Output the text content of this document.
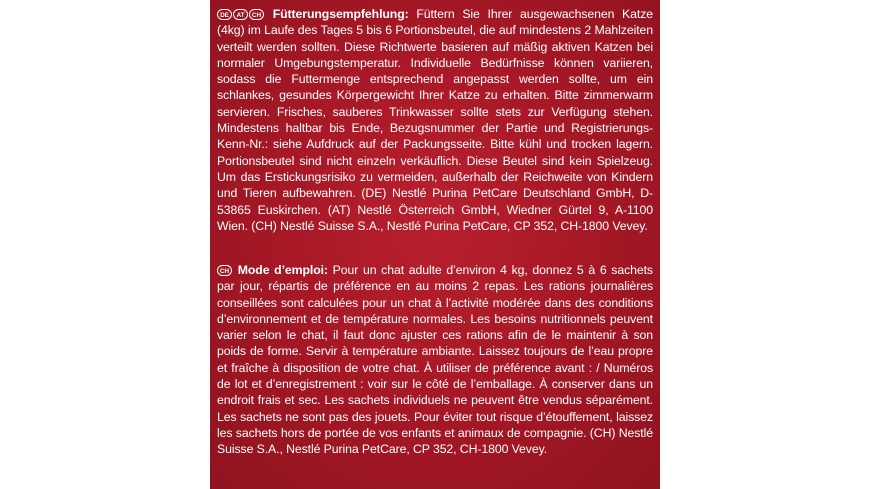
DE AT CH Fütterungsempfehlung: Füttern Sie Ihrer ausgewachsenen Katze (4kg) im Laufe des Tages 5 bis 6 Portionsbeutel, die auf mindestens 2 Mahlzeiten verteilt werden sollten. Diese Richtwerte basieren auf mäßig aktiven Katzen bei normaler Umgebungstemperatur. Individuelle Bedürfnisse können variieren, sodass die Futtermenge entsprechend angepasst werden sollte, um ein schlankes, gesundes Körpergewicht Ihrer Katze zu erhalten. Bitte zimmerwarm servieren. Frisches, sauberes Trinkwasser sollte stets zur Verfügung stehen. Mindestens haltbar bis Ende, Bezugsnummer der Partie und Registrierungs-Kenn-Nr.: siehe Aufdruck auf der Packungsseite. Bitte kühl und trocken lagern. Portionsbeutel sind nicht einzeln verkäuflich. Diese Beutel sind kein Spielzeug. Um das Erstickungsrisiko zu vermeiden, außerhalb der Reichweite von Kindern und Tieren aufbewahren. (DE) Nestlé Purina PetCare Deutschland GmbH, D-53865 Euskirchen. (AT) Nestlé Österreich GmbH, Wiedner Gürtel 9, A-1100 Wien. (CH) Nestlé Suisse S.A., Nestlé Purina PetCare, CP 352, CH-1800 Vevey.
CH Mode d’emploi: Pour un chat adulte d’environ 4 kg, donnez 5 à 6 sachets par jour, répartis de préférence en au moins 2 repas. Les rations journalières conseillées sont calculées pour un chat à l’activité modérée dans des conditions d’environnement et de température normales. Les besoins nutritionnels peuvent varier selon le chat, il faut donc ajuster ces rations afin de le maintenir à son poids de forme. Servir à température ambiante. Laissez toujours de l’eau propre et fraîche à disposition de votre chat. À utiliser de préférence avant : / Numéros de lot et d’enregistrement : voir sur le côté de l’emballage. À conserver dans un endroit frais et sec. Les sachets individuels ne peuvent être vendus séparément. Les sachets ne sont pas des jouets. Pour éviter tout risque d’étouffement, laissez les sachets hors de portée de vos enfants et animaux de compagnie. (CH) Nestlé Suisse S.A., Nestlé Purina PetCare, CP 352, CH-1800 Vevey.
